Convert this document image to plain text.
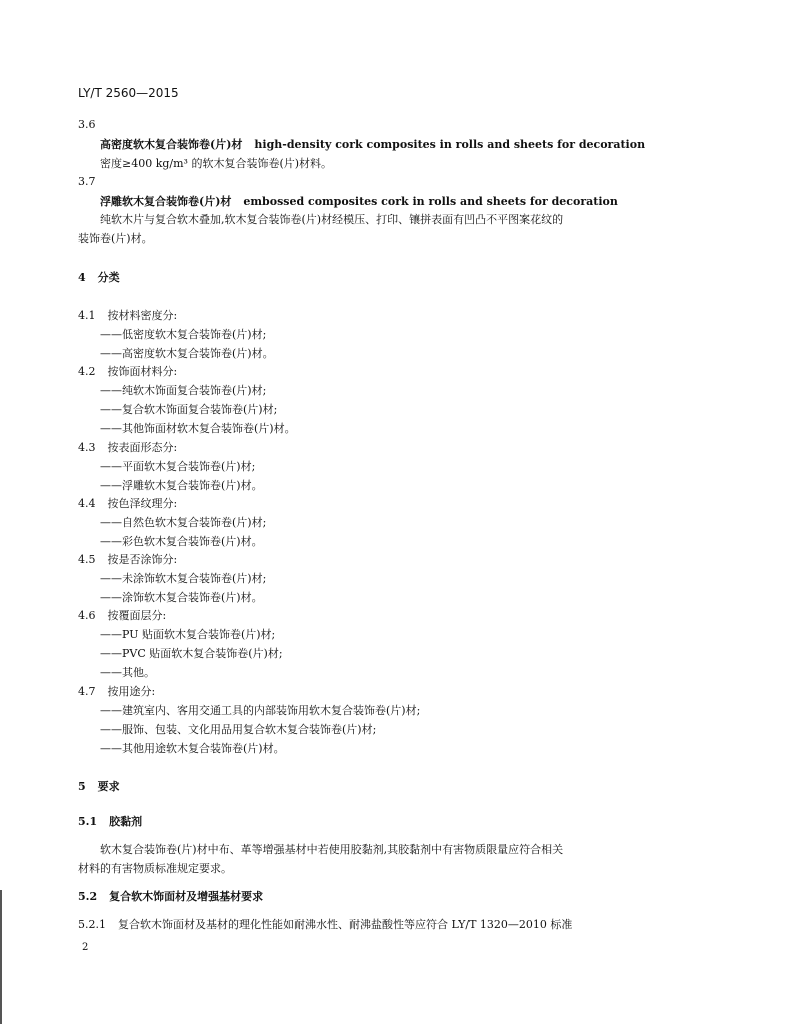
LY/T 2560—2015
3.6
高密度软木复合装饰卷(片)材 high-density cork composites in rolls and sheets for decoration
密度≥400 kg/m³ 的软木复合装饰卷(片)材料。
3.7
浮雕软木复合装饰卷(片)材 embossed composites cork in rolls and sheets for decoration
纯软木片与复合软木叠加,软木复合装饰卷(片)材经模压、打印、镶拼表面有凹凸不平图案花纹的
装饰卷(片)材。
4 分类
4.1 按材料密度分:
——低密度软木复合装饰卷(片)材;
——高密度软木复合装饰卷(片)材。
4.2 按饰面材料分:
——纯软木饰面复合装饰卷(片)材;
——复合软木饰面复合装饰卷(片)材;
——其他饰面材软木复合装饰卷(片)材。
4.3 按表面形态分:
——平面软木复合装饰卷(片)材;
——浮雕软木复合装饰卷(片)材。
4.4 按色泽纹理分:
——自然色软木复合装饰卷(片)材;
——彩色软木复合装饰卷(片)材。
4.5 按是否涂饰分:
——未涂饰软木复合装饰卷(片)材;
——涂饰软木复合装饰卷(片)材。
4.6 按覆面层分:
——PU 贴面软木复合装饰卷(片)材;
——PVC 贴面软木复合装饰卷(片)材;
——其他。
4.7 按用途分:
——建筑室内、客用交通工具的内部装饰用软木复合装饰卷(片)材;
——服饰、包装、文化用品用复合软木复合装饰卷(片)材;
——其他用途软木复合装饰卷(片)材。
5 要求
5.1 胶黏剂
软木复合装饰卷(片)材中布、革等增强基材中若使用胶黏剂,其胶黏剂中有害物质限量应符合相关
材料的有害物质标准规定要求。
5.2 复合软木饰面材及增强基材要求
5.2.1 复合软木饰面材及基材的理化性能如耐沸水性、耐沸盐酸性等应符合 LY/T 1320—2010 标准
2
